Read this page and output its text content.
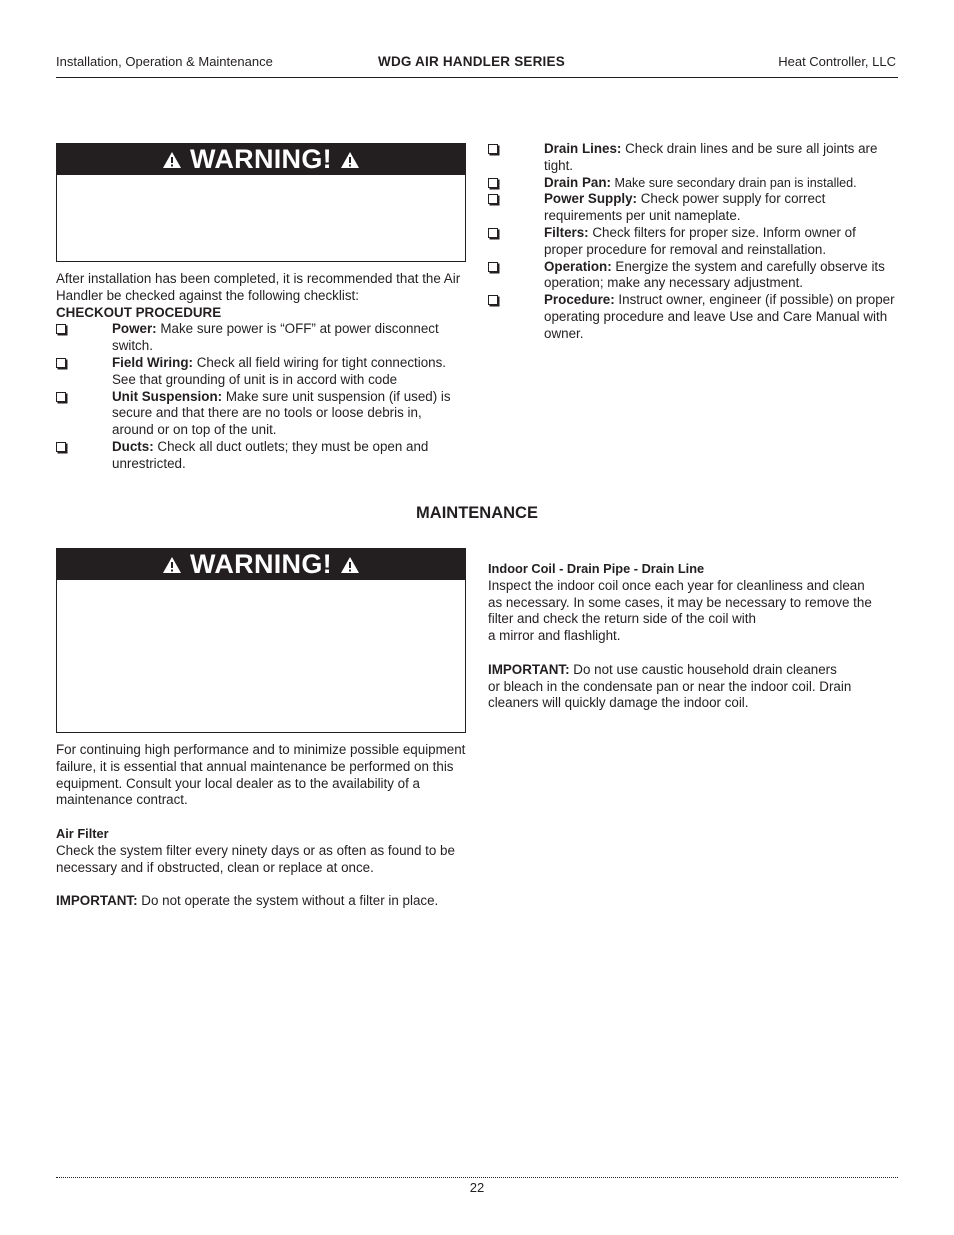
Installation, Operation & Maintenance	WDG AIR HANDLER SERIES	Heat Controller, LLC
WARNING!

After installation has been completed, it is recommended that the Air Handler be checked against the following checklist:

CHECKOUT PROCEDURE

Power: Make sure power is “OFF” at power disconnect switch.
Field Wiring: Check all field wiring for tight connections. See that grounding of unit is in accord with code
Unit Suspension: Make sure unit suspension (if used) is secure and that there are no tools or loose debris in, around or on top of the unit.
Ducts: Check all duct outlets; they must be open and unrestricted.
Drain Lines: Check drain lines and be sure all joints are tight.
Drain Pan: Make sure secondary drain pan is installed.
Power Supply: Check power supply for correct requirements per unit nameplate.
Filters: Check filters for proper size. Inform owner of proper procedure for removal and reinstallation.
Operation: Energize the system and carefully observe its operation; make any necessary adjustment.
Procedure: Instruct owner, engineer (if possible) on proper operating procedure and leave Use and Care Manual with owner.
MAINTENANCE
WARNING!

For continuing high performance and to minimize possible equipment failure, it is essential that annual maintenance be performed on this equipment. Consult your local dealer as to the availability of a maintenance contract.

Air Filter

Check the system filter every ninety days or as often as found to be necessary and if obstructed, clean or replace at once.

IMPORTANT: Do not operate the system without a filter in place.

Indoor Coil - Drain Pipe - Drain Line

Inspect the indoor coil once each year for cleanliness and clean

as necessary. In some cases, it may be necessary to remove the

filter and check the return side of the coil with

a mirror and flashlight.

IMPORTANT: Do not use caustic household drain cleaners

or bleach in the condensate pan or near the indoor coil. Drain

cleaners will quickly damage the indoor coil.

22
